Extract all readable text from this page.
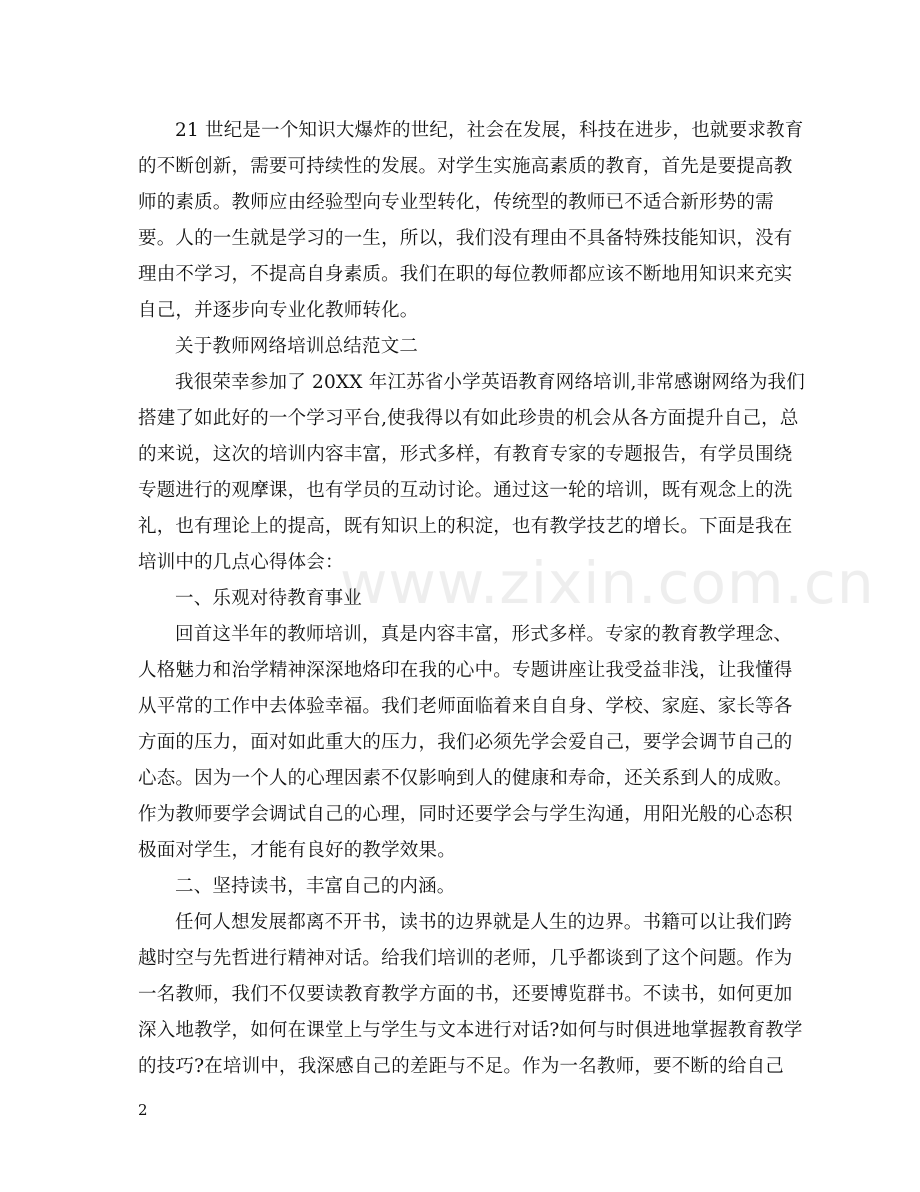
21 世纪是一个知识大爆炸的世纪，社会在发展，科技在进步，也就要求教育
的不断创新，需要可持续性的发展。对学生实施高素质的教育，首先是要提高教
师的素质。教师应由经验型向专业型转化，传统型的教师已不适合新形势的需
要。人的一生就是学习的一生，所以，我们没有理由不具备特殊技能知识，没有
理由不学习，不提高自身素质。我们在职的每位教师都应该不断地用知识来充实
自己，并逐步向专业化教师转化。
关于教师网络培训总结范文二
我很荣幸参加了 20XX 年江苏省小学英语教育网络培训,非常感谢网络为我们
搭建了如此好的一个学习平台,使我得以有如此珍贵的机会从各方面提升自己，总
的来说，这次的培训内容丰富，形式多样，有教育专家的专题报告，有学员围绕
专题进行的观摩课，也有学员的互动讨论。通过这一轮的培训，既有观念上的洗
礼，也有理论上的提高，既有知识上的积淀，也有教学技艺的增长。下面是我在
培训中的几点心得体会：
一、乐观对待教育事业
回首这半年的教师培训，真是内容丰富，形式多样。专家的教育教学理念、
人格魅力和治学精神深深地烙印在我的心中。专题讲座让我受益非浅，让我懂得
从平常的工作中去体验幸福。我们老师面临着来自自身、学校、家庭、家长等各
方面的压力，面对如此重大的压力，我们必须先学会爱自己，要学会调节自己的
心态。因为一个人的心理因素不仅影响到人的健康和寿命，还关系到人的成败。
作为教师要学会调试自己的心理，同时还要学会与学生沟通，用阳光般的心态积
极面对学生，才能有良好的教学效果。
二、坚持读书，丰富自己的内涵。
任何人想发展都离不开书，读书的边界就是人生的边界。书籍可以让我们跨
越时空与先哲进行精神对话。给我们培训的老师，几乎都谈到了这个问题。作为
一名教师，我们不仅要读教育教学方面的书，还要博览群书。不读书，如何更加
深入地教学，如何在课堂上与学生与文本进行对话?如何与时俱进地掌握教育教学
的技巧?在培训中，我深感自己的差距与不足。作为一名教师，要不断的给自己
www.zixin.com.cn
2
